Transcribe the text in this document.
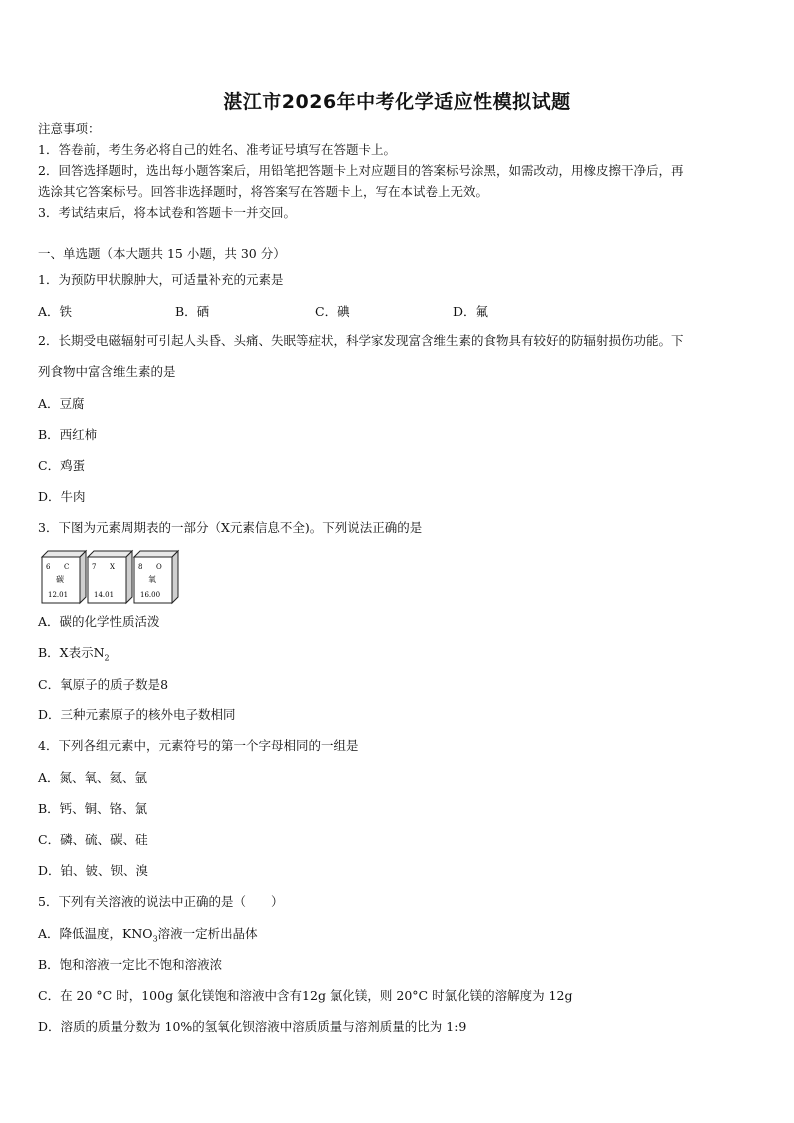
湛江市2026年中考化学适应性模拟试题
注意事项：
1．答卷前，考生务必将自己的姓名、准考证号填写在答题卡上。
2．回答选择题时，选出每小题答案后，用铅笔把答题卡上对应题目的答案标号涂黑，如需改动，用橡皮擦干净后，再
选涂其它答案标号。回答非选择题时，将答案写在答题卡上，写在本试卷上无效。
3．考试结束后，将本试卷和答题卡一并交回。
一、单选题（本大题共 15 小题，共 30 分）
1．为预防甲状腺肿大，可适量补充的元素是
A．铁	B．硒	C．碘	D．氟
2．长期受电磁辐射可引起人头昏、头痛、失眠等症状，科学家发现富含维生素的食物具有较好的防辐射损伤功能。下
列食物中富含维生素的是
A．豆腐
B．西红柿
C．鸡蛋
D．牛肉
3．下图为元素周期表的一部分（X元素信息不全)。下列说法正确的是
6 C
碳
12.01
7 X
14.01
8 O
氧
16.00
A．碳的化学性质活泼
B．X表示$N_2$
C．氧原子的质子数是8
D．三种元素原子的核外电子数相同
4．下列各组元素中，元素符号的第一个字母相同的一组是
A．氮、氧、氦、氩
B．钙、铜、铬、氯
C．磷、硫、碳、硅
D．铂、铍、钡、溴
5．下列有关溶液的说法中正确的是（　　）
A．降低温度，$KNO_3$溶液一定析出晶体
B．饱和溶液一定比不饱和溶液浓
C．在 20 °C 时，100g 氯化镁饱和溶液中含有12g 氯化镁，则 20°C 时氯化镁的溶解度为 12g
D．溶质的质量分数为 10%的氢氧化钡溶液中溶质质量与溶剂质量的比为 1:9
